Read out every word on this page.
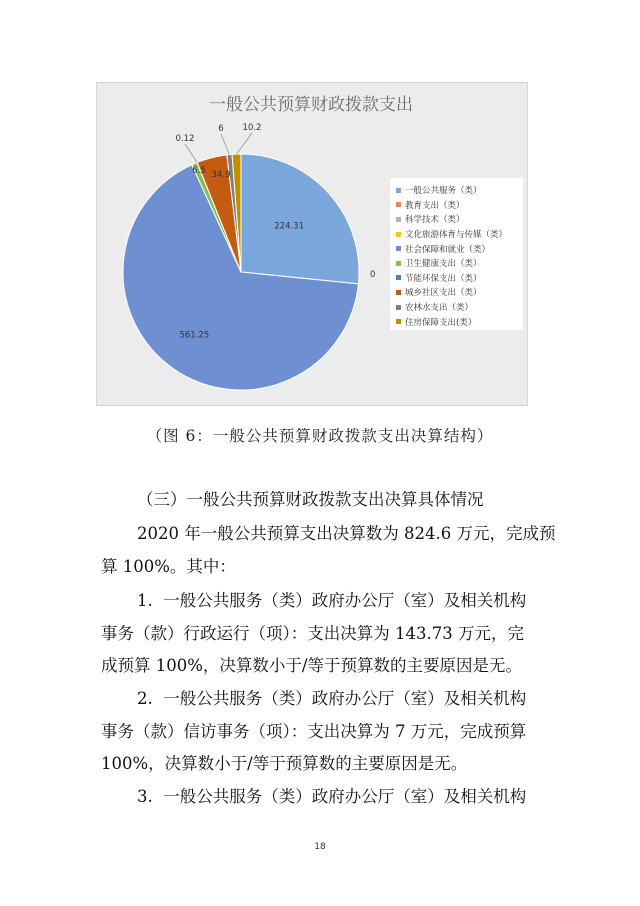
一般公共预算财政拨款支出
224.31
561.25
6.5
0.12
34.9
6 10.2
0
一般公共服务（类）
教育支出（类）
科学技术（类）
文化旅游体育与传媒（类）
社会保障和就业（类）
卫生健康支出（类）
节能环保支出（类）
城乡社区支出（类）
农林水支出（类）
住房保障支出(类）
（图 6：一般公共预算财政拨款支出决算结构）
（三）一般公共预算财政拨款支出决算具体情况
2020 年一般公共预算支出决算数为 824.6 万元，完成预
算 100%。其中：
1.  一般公共服务（类）政府办公厅（室）及相关机构
事务（款）行政运行（项）：支出决算为 143.73 万元，完
成预算 100%，决算数小于/等于预算数的主要原因是无。
2.  一般公共服务（类）政府办公厅（室）及相关机构
事务（款）信访事务（项）：支出决算为 7 万元，完成预算
100%，决算数小于/等于预算数的主要原因是无。
3.  一般公共服务（类）政府办公厅（室）及相关机构
18
